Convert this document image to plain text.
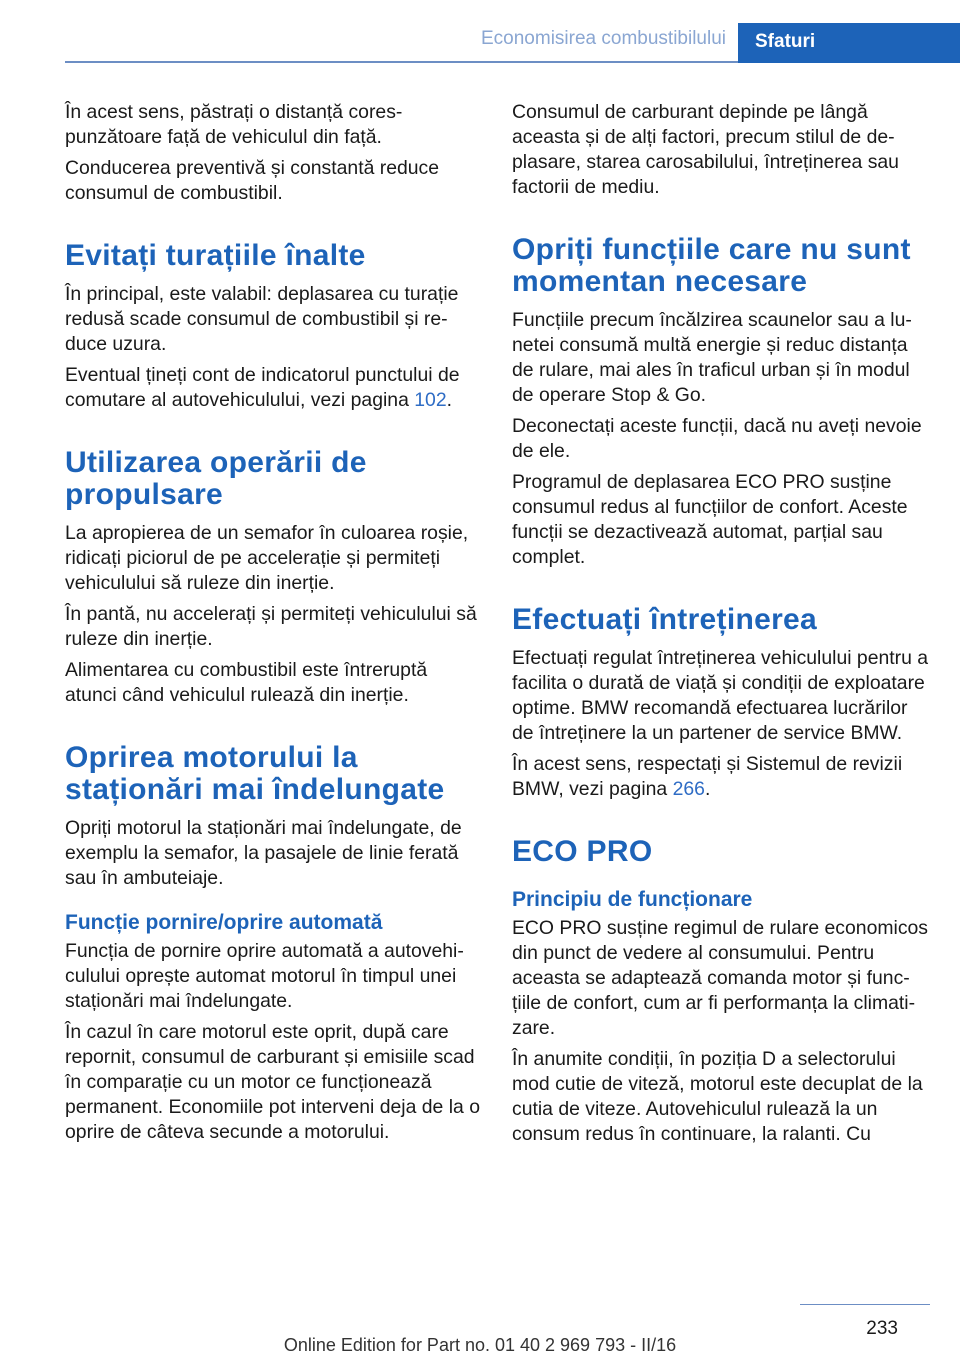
Economisirea combustibilului	Sfaturi

În acest sens, păstrați o distanță corespunzătoare față de vehiculul din față.

Conducerea preventivă și constantă reduce consumul de combustibil.

Evitați turațiile înalte

În principal, este valabil: deplasarea cu turație redusă scade consumul de combustibil și reduce uzura.

Eventual țineți cont de indicatorul punctului de comutare al autovehiculului, vezi pagina 102.

Utilizarea operării de propulsare

La apropierea de un semafor în culoarea roșie, ridicați piciorul de pe accelerație și permiteți vehiculului să ruleze din inerție.

În pantă, nu accelerați și permiteți vehiculului să ruleze din inerție.

Alimentarea cu combustibil este întreruptă atunci când vehiculul rulează din inerție.

Oprirea motorului la staționări mai îndelungate

Opriți motorul la staționări mai îndelungate, de exemplu la semafor, la pasajele de linie ferată sau în ambuteiaje.

Funcție pornire/oprire automată

Funcția de pornire oprire automată a autovehiculului oprește automat motorul în timpul unei staționări mai îndelungate.

În cazul în care motorul este oprit, după care repornit, consumul de carburant și emisiile scad în comparație cu un motor ce funcționează permanent. Economiile pot interveni deja de la o oprire de câteva secunde a motorului.

Consumul de carburant depinde pe lângă aceasta și de alți factori, precum stilul de deplasare, starea carosabilului, întreținerea sau factorii de mediu.

Opriți funcțiile care nu sunt momentan necesare

Funcțiile precum încălzirea scaunelor sau a lunetei consumă multă energie și reduc distanța de rulare, mai ales în traficul urban și în modul de operare Stop & Go.

Deconectați aceste funcții, dacă nu aveți nevoie de ele.

Programul de deplasarea ECO PRO susține consumul redus al funcțiilor de confort. Aceste funcții se dezactivează automat, parțial sau complet.

Efectuați întreținerea

Efectuați regulat întreținerea vehiculului pentru a facilita o durată de viață și condiții de exploatare optime. BMW recomandă efectuarea lucrărilor de întreținere la un partener de service BMW.

În acest sens, respectați și Sistemul de revizii BMW, vezi pagina 266.

ECO PRO
Principiu de funcționare

ECO PRO susține regimul de rulare economicos din punct de vedere al consumului. Pentru aceasta se adaptează comanda motor și funcțiile de confort, cum ar fi performanța la climatizare.

În anumite condiții, în poziția D a selectorului mod cutie de viteză, motorul este decuplat de la cutia de viteze. Autovehiculul rulează la un consum redus în continuare, la ralanti. Cu

233
Online Edition for Part no. 01 40 2 969 793 - II/16
